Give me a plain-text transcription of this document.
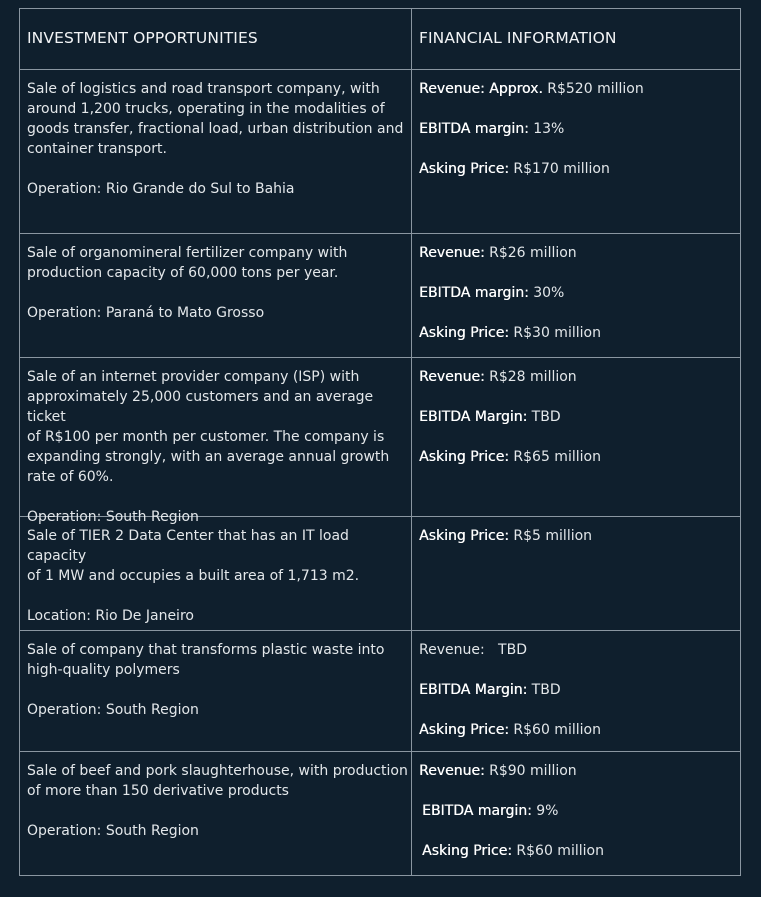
INVESTMENT OPPORTUNITIES	FINANCIAL INFORMATION

Sale of logistics and road transport company, with
around 1,200 trucks, operating in the modalities of
goods transfer, fractional load, urban distribution and
container transport.

Operation: Rio Grande do Sul to Bahia

Revenue: Approx. R$520 million

EBITDA margin: 13%

Asking Price: R$170 million

Sale of organomineral fertilizer company with
production capacity of 60,000 tons per year.

Operation: Paraná to Mato Grosso

Revenue: R$26 million

EBITDA margin: 30%

Asking Price: R$30 million

Sale of an internet provider company (ISP) with
approximately 25,000 customers and an average ticket
of R$100 per month per customer. The company is
expanding strongly, with an average annual growth
rate of 60%.

Operation: South Region

Revenue: R$28 million

EBITDA Margin: TBD

Asking Price: R$65 million

Sale of TIER 2 Data Center that has an IT load capacity
of 1 MW and occupies a built area of 1,713 m2.

Location: Rio De Janeiro

Asking Price: R$5 million

Sale of company that transforms plastic waste into
high-quality polymers

Operation: South Region

Revenue:   TBD

EBITDA Margin: TBD

Asking Price: R$60 million

Sale of beef and pork slaughterhouse, with production
of more than 150 derivative products

Operation: South Region

Revenue: R$90 million

EBITDA margin: 9%

Asking Price: R$60 million
